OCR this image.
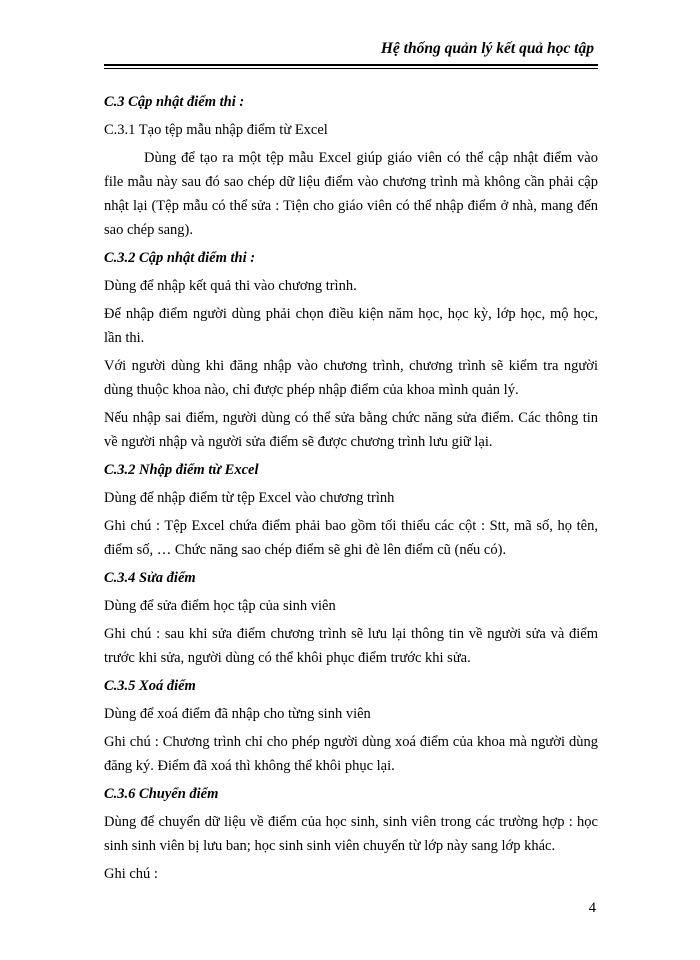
Hệ thống quản lý kết quả học tập

C.3 Cập nhật điểm thi :

C.3.1 Tạo tệp mẫu nhập điểm từ Excel

Dùng để tạo ra một tệp mẫu Excel giúp giáo viên có thể cập nhật điểm vào file mẫu này sau đó sao chép dữ liệu điểm vào chương trình mà không cần phải cập nhật lại (Tệp mẫu có thể sửa : Tiện cho giáo viên có thể nhập điểm ở nhà, mang đến sao chép sang).

C.3.2 Cập nhật điểm thi :

Dùng để nhập kết quả thi vào chương trình.

Để nhập điểm người dùng phải chọn điều kiện năm học, học kỳ, lớp học, mộ học, lần thi.

Với người dùng khi đăng nhập vào chương trình, chương trình sẽ kiểm tra người dùng thuộc khoa nào, chỉ được phép nhập điểm của khoa mình quản lý.

Nếu nhập sai điểm, người dùng có thể sửa bằng chức năng sửa điểm. Các thông tin về người nhập và người sửa điểm sẽ được chương trình lưu giữ lại.

C.3.2 Nhập điểm từ Excel

Dùng để nhập điểm từ tệp Excel vào chương trình

Ghi chú : Tệp Excel chứa điểm phải bao gồm tối thiểu các cột : Stt, mã số, họ tên, điểm số, … Chức năng sao chép điểm sẽ ghi đè lên điểm cũ (nếu có).

C.3.4 Sửa điểm

Dùng để sửa điểm học tập của sinh viên

Ghi chú : sau khi sửa điểm chương trình sẽ lưu lại thông tin về người sửa và điểm trước khi sửa, người dùng có thể khôi phục điểm trước khi sửa.

C.3.5 Xoá điểm

Dùng để xoá điểm đã nhập cho từng sinh viên

Ghi chú : Chương trình chỉ cho phép người dùng xoá điểm của khoa mà người dùng đăng ký. Điểm đã xoá thì không thể khôi phục lại.

C.3.6 Chuyển điểm

Dùng để chuyển dữ liệu về điểm của học sinh, sinh viên trong các trường hợp : học sinh sinh viên bị lưu ban; học sinh sinh viên chuyển từ lớp này sang lớp khác.

Ghi chú :

4
